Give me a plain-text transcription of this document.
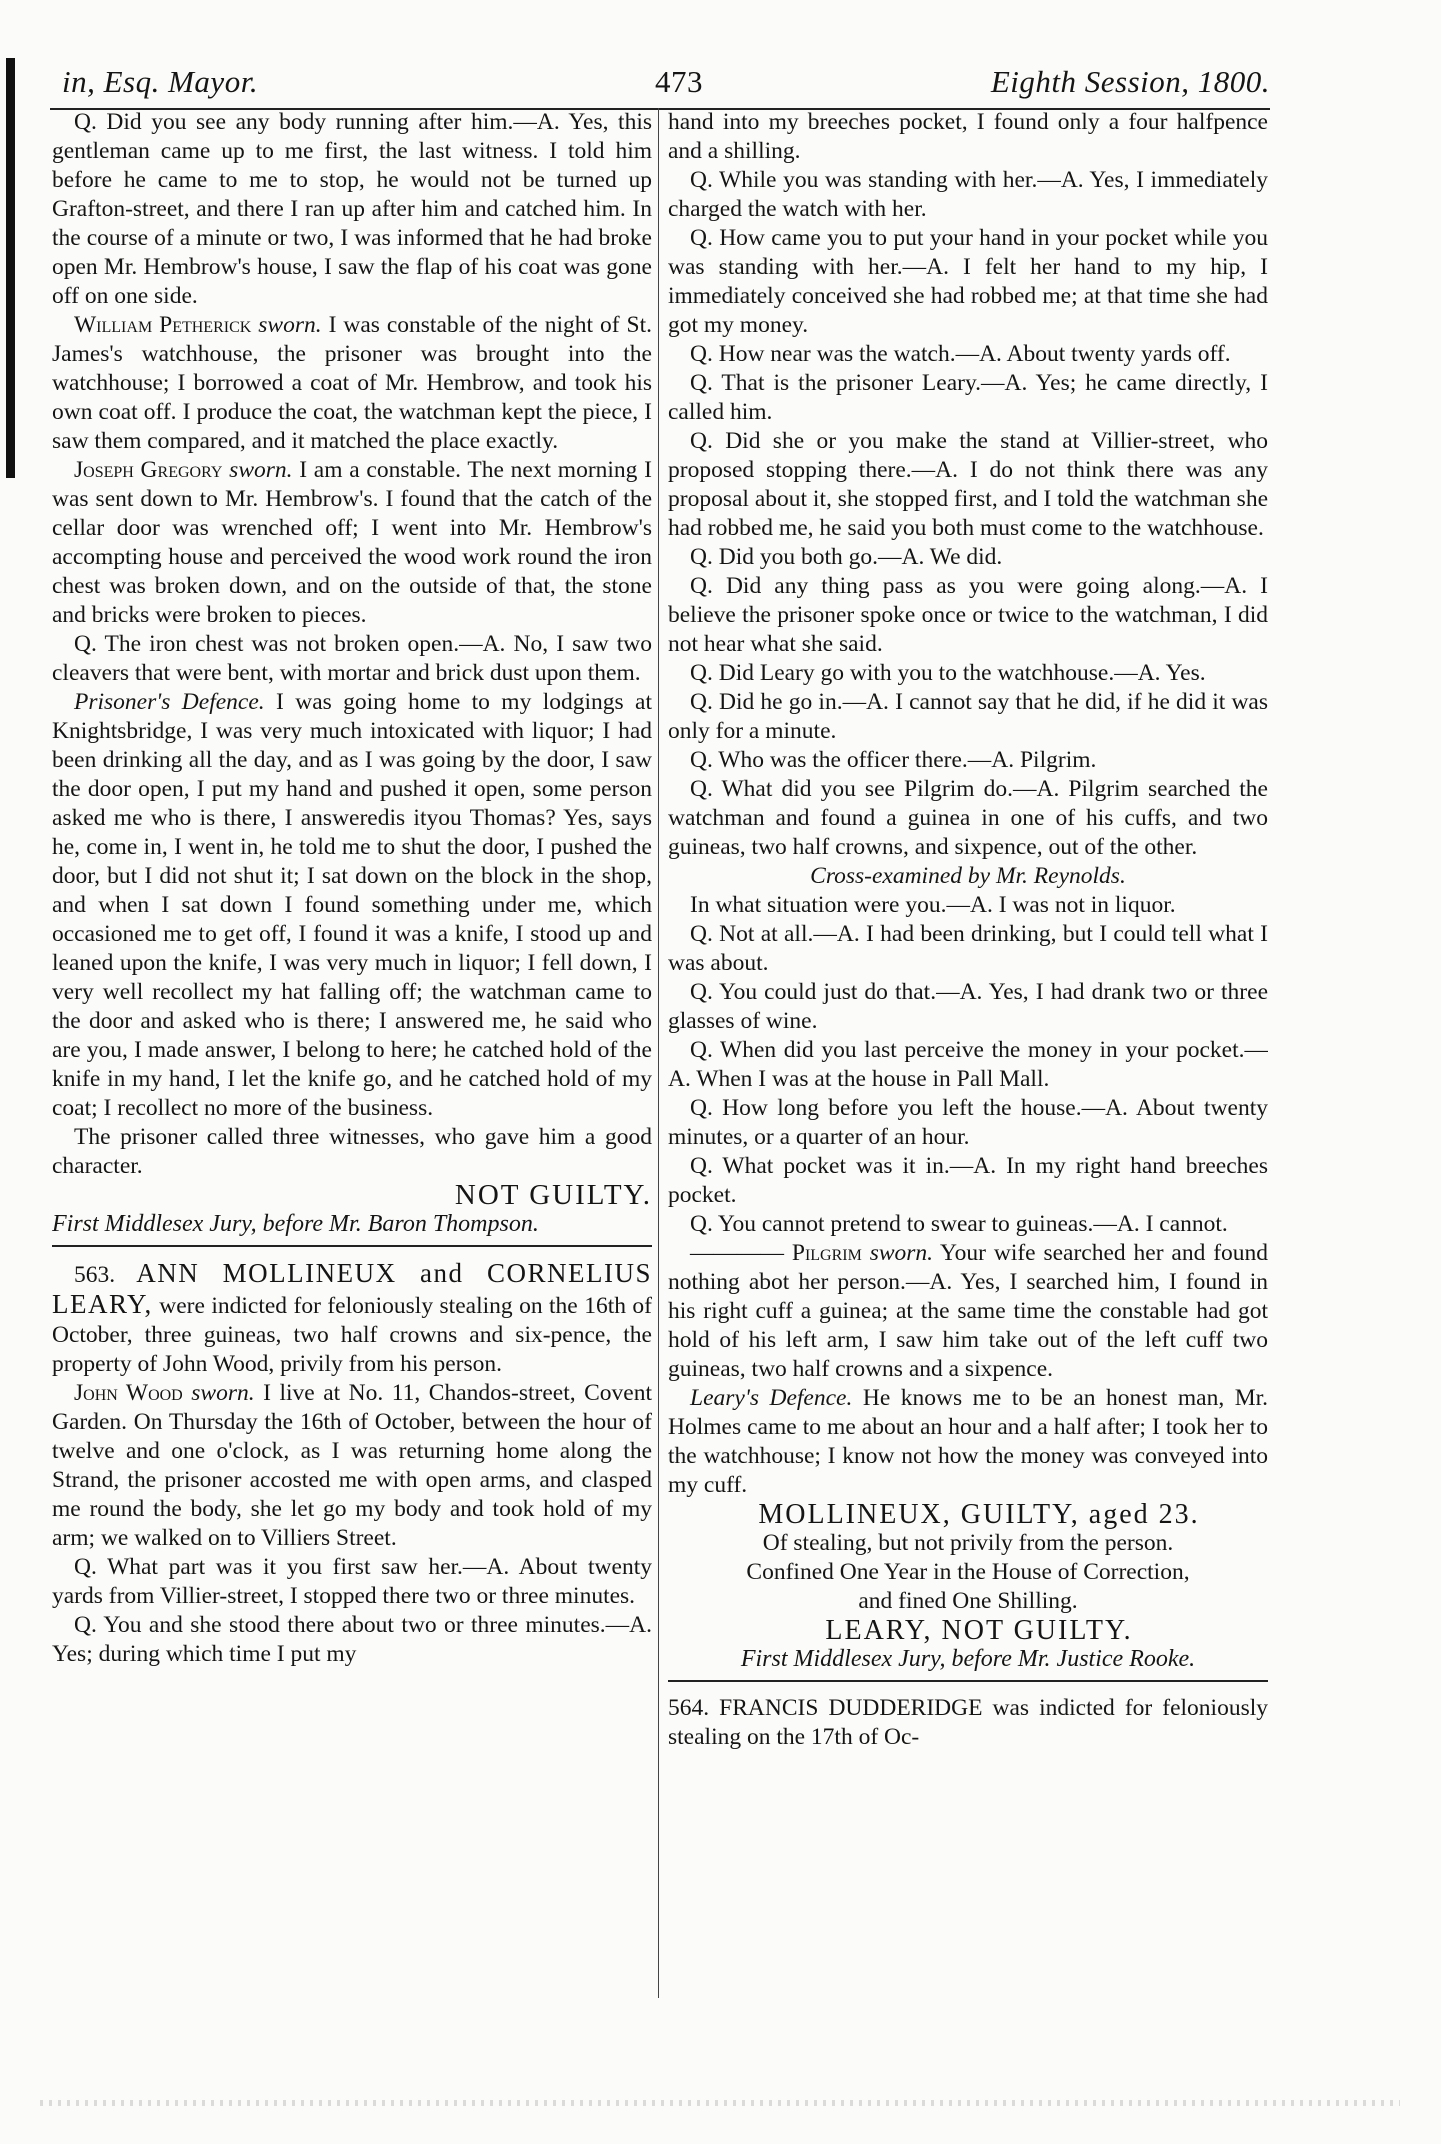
in, Esq. Mayor.	473	Eighth Session, 1800.

Q. Did you see any body running after him.—A. Yes, this gentleman came up to me first, the last witness. I told him before he came to me to stop, he would not be turned up Grafton-street, and there I ran up after him and catched him. In the course of a minute or two, I was informed that he had broke open Mr. Hembrow's house, I saw the flap of his coat was gone off on one side.

William Petherick sworn. I was constable of the night of St. James's watchhouse, the prisoner was brought into the watchhouse; I borrowed a coat of Mr. Hembrow, and took his own coat off. I produce the coat, the watchman kept the piece, I saw them compared, and it matched the place exactly.

Joseph Gregory sworn. I am a constable. The next morning I was sent down to Mr. Hembrow's. I found that the catch of the cellar door was wrenched off; I went into Mr. Hembrow's accompting house and perceived the wood work round the iron chest was broken down, and on the outside of that, the stone and bricks were broken to pieces.

Q. The iron chest was not broken open.—A. No, I saw two cleavers that were bent, with mortar and brick dust upon them.

Prisoner's Defence. I was going home to my lodgings at Knightsbridge, I was very much intoxicated with liquor; I had been drinking all the day, and as I was going by the door, I saw the door open, I put my hand and pushed it open, some person asked me who is there, I answeredis ityou Thomas? Yes, says he, come in, I went in, he told me to shut the door, I pushed the door, but I did not shut it; I sat down on the block in the shop, and when I sat down I found something under me, which occasioned me to get off, I found it was a knife, I stood up and leaned upon the knife, I was very much in liquor; I fell down, I very well recollect my hat falling off; the watchman came to the door and asked who is there; I answered me, he said who are you, I made answer, I belong to here; he catched hold of the knife in my hand, I let the knife go, and he catched hold of my coat; I recollect no more of the business.

The prisoner called three witnesses, who gave him a good character.

NOT GUILTY.

First Middlesex Jury, before Mr. Baron Thompson.

563. ANN MOLLINEUX and CORNELIUS LEARY, were indicted for feloniously stealing on the 16th of October, three guineas, two half crowns and six-pence, the property of John Wood, privily from his person.

John Wood sworn. I live at No. 11, Chandos-street, Covent Garden. On Thursday the 16th of October, between the hour of twelve and one o'clock, as I was returning home along the Strand, the prisoner accosted me with open arms, and clasped me round the body, she let go my body and took hold of my arm; we walked on to Villiers Street.

Q. What part was it you first saw her.—A. About twenty yards from Villier-street, I stopped there two or three minutes.

Q. You and she stood there about two or three minutes.—A. Yes; during which time I put my

hand into my breeches pocket, I found only a four halfpence and a shilling.

Q. While you was standing with her.—A. Yes, I immediately charged the watch with her.

Q. How came you to put your hand in your pocket while you was standing with her.—A. I felt her hand to my hip, I immediately conceived she had robbed me; at that time she had got my money.

Q. How near was the watch.—A. About twenty yards off.

Q. That is the prisoner Leary.—A. Yes; he came directly, I called him.

Q. Did she or you make the stand at Villier-street, who proposed stopping there.—A. I do not think there was any proposal about it, she stopped first, and I told the watchman she had robbed me, he said you both must come to the watchhouse.

Q. Did you both go.—A. We did.

Q. Did any thing pass as you were going along.—A. I believe the prisoner spoke once or twice to the watchman, I did not hear what she said.

Q. Did Leary go with you to the watchhouse.—A. Yes.

Q. Did he go in.—A. I cannot say that he did, if he did it was only for a minute.

Q. Who was the officer there.—A. Pilgrim.

Q. What did you see Pilgrim do.—A. Pilgrim searched the watchman and found a guinea in one of his cuffs, and two guineas, two half crowns, and sixpence, out of the other.

Cross-examined by Mr. Reynolds.

In what situation were you.—A. I was not in liquor.

Q. Not at all.—A. I had been drinking, but I could tell what I was about.

Q. You could just do that.—A. Yes, I had drank two or three glasses of wine.

Q. When did you last perceive the money in your pocket.—A. When I was at the house in Pall Mall.

Q. How long before you left the house.—A. About twenty minutes, or a quarter of an hour.

Q. What pocket was it in.—A. In my right hand breeches pocket.

Q. You cannot pretend to swear to guineas.—A. I cannot.

———— Pilgrim sworn. Your wife searched her and found nothing abot her person.—A. Yes, I searched him, I found in his right cuff a guinea; at the same time the constable had got hold of his left arm, I saw him take out of the left cuff two guineas, two half crowns and a sixpence.

Leary's Defence. He knows me to be an honest man, Mr. Holmes came to me about an hour and a half after; I took her to the watchhouse; I know not how the money was conveyed into my cuff.

MOLLINEUX, GUILTY, aged 23.

Of stealing, but not privily from the person.

Confined One Year in the House of Correction,

and fined One Shilling.

LEARY, NOT GUILTY.

First Middlesex Jury, before Mr. Justice Rooke.

564. FRANCIS DUDDERIDGE was indicted for feloniously stealing on the 17th of Oc-
